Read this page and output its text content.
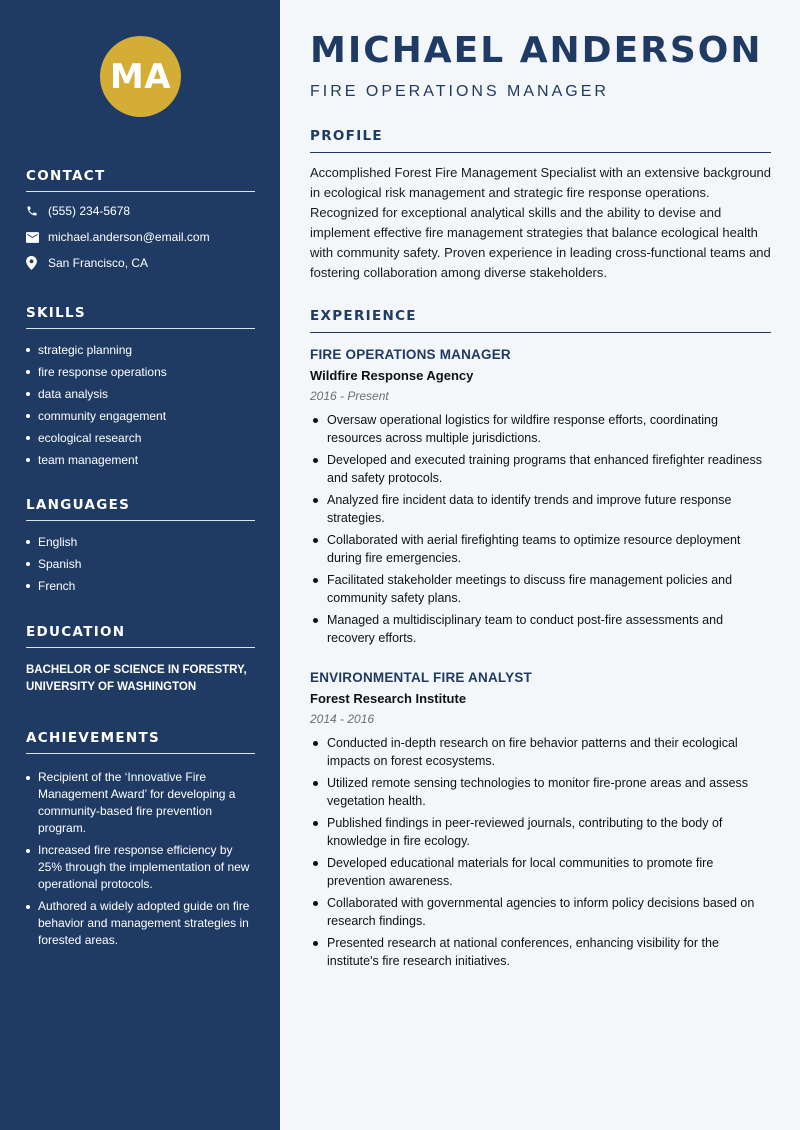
MA
CONTACT
(555) 234-5678
michael.anderson@email.com
San Francisco, CA
SKILLS
strategic planning
fire response operations
data analysis
community engagement
ecological research
team management
LANGUAGES
English
Spanish
French
EDUCATION
BACHELOR OF SCIENCE IN FORESTRY, UNIVERSITY OF WASHINGTON
ACHIEVEMENTS
Recipient of the ‘Innovative Fire Management Award’ for developing a community-based fire prevention program.
Increased fire response efficiency by 25% through the implementation of new operational protocols.
Authored a widely adopted guide on fire behavior and management strategies in forested areas.
MICHAEL ANDERSON
FIRE OPERATIONS MANAGER
PROFILE

Accomplished Forest Fire Management Specialist with an extensive background in ecological risk management and strategic fire response operations. Recognized for exceptional analytical skills and the ability to devise and implement effective fire management strategies that balance ecological health with community safety. Proven experience in leading cross-functional teams and fostering collaboration among diverse stakeholders.

EXPERIENCE
FIRE OPERATIONS MANAGER
Wildfire Response Agency
2016 - Present
Oversaw operational logistics for wildfire response efforts, coordinating resources across multiple jurisdictions.
Developed and executed training programs that enhanced firefighter readiness and safety protocols.
Analyzed fire incident data to identify trends and improve future response strategies.
Collaborated with aerial firefighting teams to optimize resource deployment during fire emergencies.
Facilitated stakeholder meetings to discuss fire management policies and community safety plans.
Managed a multidisciplinary team to conduct post-fire assessments and recovery efforts.
ENVIRONMENTAL FIRE ANALYST
Forest Research Institute
2014 - 2016
Conducted in-depth research on fire behavior patterns and their ecological impacts on forest ecosystems.
Utilized remote sensing technologies to monitor fire-prone areas and assess vegetation health.
Published findings in peer-reviewed journals, contributing to the body of knowledge in fire ecology.
Developed educational materials for local communities to promote fire prevention awareness.
Collaborated with governmental agencies to inform policy decisions based on research findings.
Presented research at national conferences, enhancing visibility for the institute's fire research initiatives.
